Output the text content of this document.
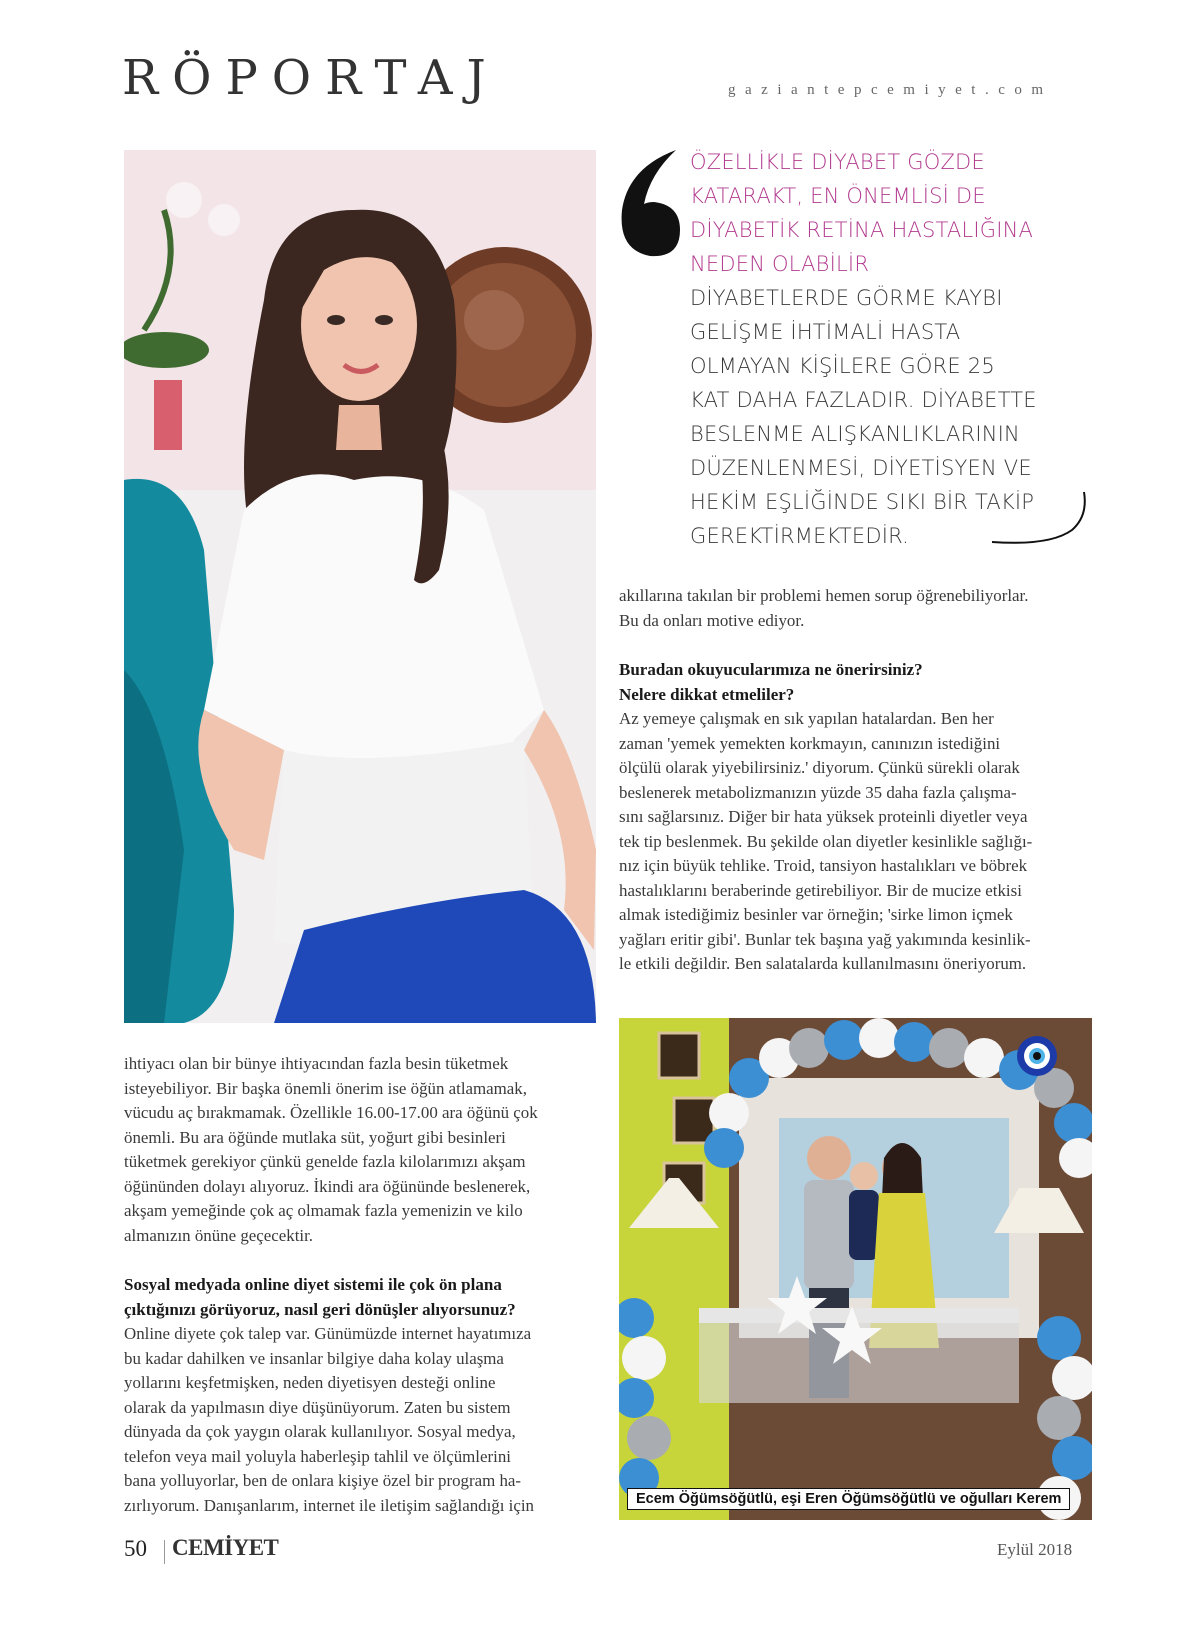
RÖPORTAJ	gaziantepcemiyet.com
ÖZELLİKLE DİYABET GÖZDE
KATARAKT, EN ÖNEMLİSİ DE
DİYABETİK RETİNA HASTALIĞINA
NEDEN OLABİLİR
DİYABETLERDE GÖRME KAYBI
GELİŞME İHTİMALİ HASTA
OLMAYAN KİŞİLERE GÖRE 25
KAT DAHA FAZLADIR. DİYABETTE
BESLENME ALIŞKANLIKLARININ
DÜZENLENMESİ, DİYETİSYEN VE
HEKİM EŞLİĞİNDE SIKI BİR TAKİP
GEREKTİRMEKTEDİR.
akıllarına takılan bir problemi hemen sorup öğrenebiliyorlar.
Bu da onları motive ediyor.
Buradan okuyucularımıza ne önerirsiniz?
Nelere dikkat etmeliler?
Az yemeye çalışmak en sık yapılan hatalardan. Ben her
zaman 'yemek yemekten korkmayın, canınızın istediğini
ölçülü olarak yiyebilirsiniz.' diyorum. Çünkü sürekli olarak
beslenerek metabolizmanızın yüzde 35 daha fazla çalışma-
sını sağlarsınız. Diğer bir hata yüksek proteinli diyetler veya
tek tip beslenmek. Bu şekilde olan diyetler kesinlikle sağlığı-
nız için büyük tehlike. Troid, tansiyon hastalıkları ve böbrek
hastalıklarını beraberinde getirebiliyor. Bir de mucize etkisi
almak istediğimiz besinler var örneğin; 'sirke limon içmek
yağları eritir gibi'. Bunlar tek başına yağ yakımında kesinlik-
le etkili değildir. Ben salatalarda kullanılmasını öneriyorum.
ihtiyacı olan bir bünye ihtiyacından fazla besin tüketmek
isteyebiliyor. Bir başka önemli önerim ise öğün atlamamak,
vücudu aç bırakmamak. Özellikle 16.00-17.00 ara öğünü çok
önemli. Bu ara öğünde mutlaka süt, yoğurt gibi besinleri
tüketmek gerekiyor çünkü genelde fazla kilolarımızı akşam
öğününden dolayı alıyoruz. İkindi ara öğününde beslenerek,
akşam yemeğinde çok aç olmamak fazla yemenizin ve kilo
almanızın önüne geçecektir.
Sosyal medyada online diyet sistemi ile çok ön plana
çıktığınızı görüyoruz, nasıl geri dönüşler alıyorsunuz?
Online diyete çok talep var. Günümüzde internet hayatımıza
bu kadar dahilken ve insanlar bilgiye daha kolay ulaşma
yollarını keşfetmişken, neden diyetisyen desteği online
olarak da yapılmasın diye düşünüyorum. Zaten bu sistem
dünyada da çok yaygın olarak kullanılıyor. Sosyal medya,
telefon veya mail yoluyla haberleşip tahlil ve ölçümlerini
bana yolluyorlar, ben de onlara kişiye özel bir program ha-
zırlıyorum. Danışanlarım, internet ile iletişim sağlandığı için	Ecem Öğümsöğütlü, eşi Eren Öğümsöğütlü ve oğulları Kerem
50 CEMİYET	Eylül 2018
